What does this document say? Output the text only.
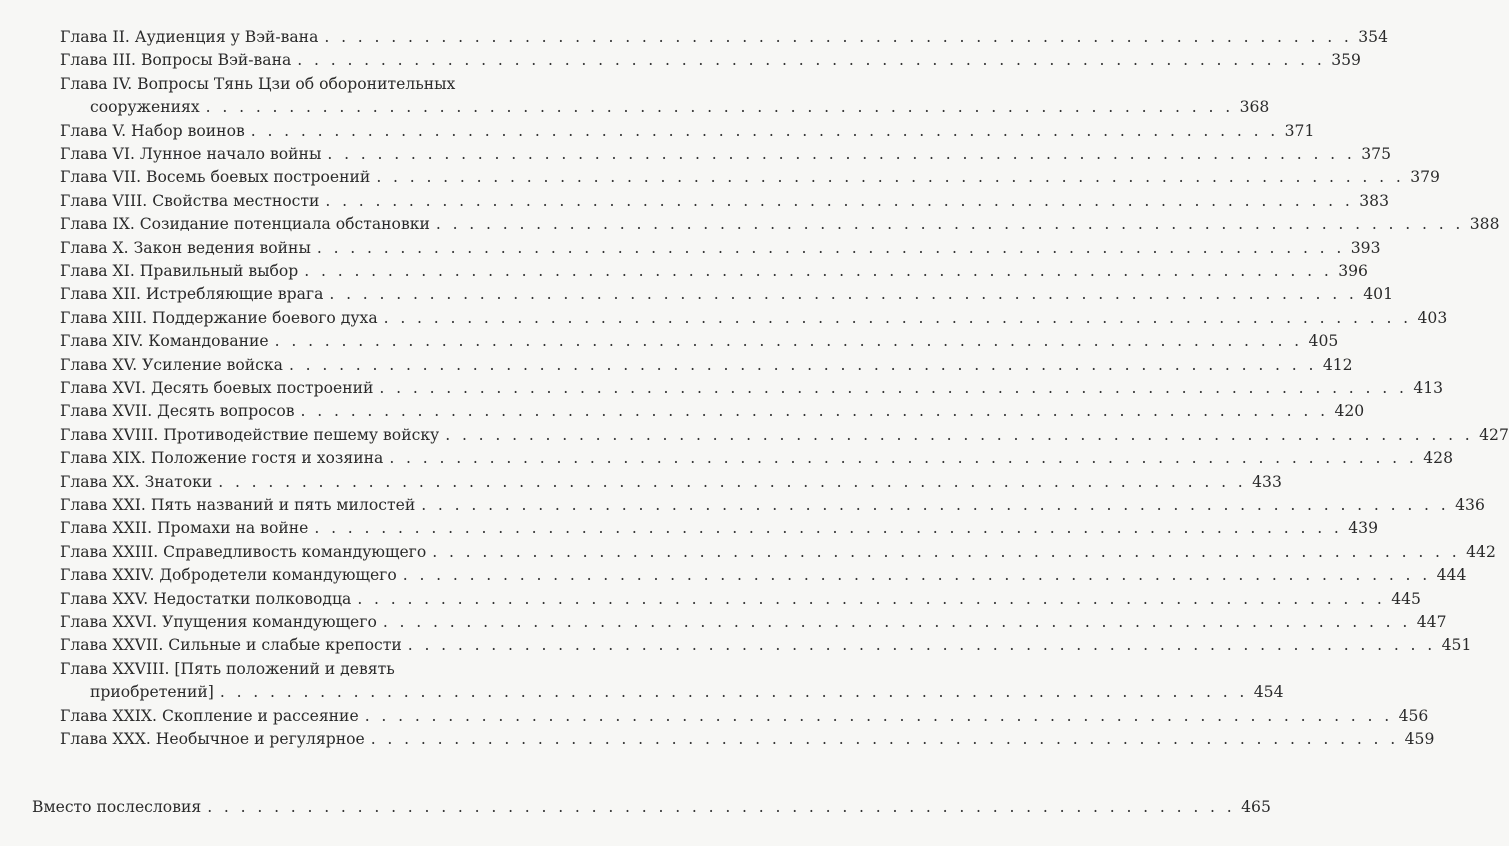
Глава II. Аудиенция у Вэй-вана . . . . . . . . . . . . . . . . . . . . . . . . . . . . . . . . . . . . . . . . . . . . . . . . . . . . . . . . . . . . . . 354
Глава III. Вопросы Вэй-вана . . . . . . . . . . . . . . . . . . . . . . . . . . . . . . . . . . . . . . . . . . . . . . . . . . . . . . . . . . . . . . 359
Глава IV. Вопросы Тянь Цзи об оборонительных
сооружениях . . . . . . . . . . . . . . . . . . . . . . . . . . . . . . . . . . . . . . . . . . . . . . . . . . . . . . . . . . . . . . 368
Глава V. Набор воинов . . . . . . . . . . . . . . . . . . . . . . . . . . . . . . . . . . . . . . . . . . . . . . . . . . . . . . . . . . . . . . 371
Глава VI. Лунное начало войны . . . . . . . . . . . . . . . . . . . . . . . . . . . . . . . . . . . . . . . . . . . . . . . . . . . . . . . . . . . . . . 375
Глава VII. Восемь боевых построений . . . . . . . . . . . . . . . . . . . . . . . . . . . . . . . . . . . . . . . . . . . . . . . . . . . . . . . . . . . . . . 379
Глава VIII. Свойства местности . . . . . . . . . . . . . . . . . . . . . . . . . . . . . . . . . . . . . . . . . . . . . . . . . . . . . . . . . . . . . . 383
Глава IX. Созидание потенциала обстановки . . . . . . . . . . . . . . . . . . . . . . . . . . . . . . . . . . . . . . . . . . . . . . . . . . . . . . . . . . . . . . 388
Глава X. Закон ведения войны . . . . . . . . . . . . . . . . . . . . . . . . . . . . . . . . . . . . . . . . . . . . . . . . . . . . . . . . . . . . . . 393
Глава XI. Правильный выбор . . . . . . . . . . . . . . . . . . . . . . . . . . . . . . . . . . . . . . . . . . . . . . . . . . . . . . . . . . . . . . 396
Глава XII. Истребляющие врага . . . . . . . . . . . . . . . . . . . . . . . . . . . . . . . . . . . . . . . . . . . . . . . . . . . . . . . . . . . . . . 401
Глава XIII. Поддержание боевого духа . . . . . . . . . . . . . . . . . . . . . . . . . . . . . . . . . . . . . . . . . . . . . . . . . . . . . . . . . . . . . . 403
Глава XIV. Командование . . . . . . . . . . . . . . . . . . . . . . . . . . . . . . . . . . . . . . . . . . . . . . . . . . . . . . . . . . . . . . 405
Глава XV. Усиление войска . . . . . . . . . . . . . . . . . . . . . . . . . . . . . . . . . . . . . . . . . . . . . . . . . . . . . . . . . . . . . . 412
Глава XVI. Десять боевых построений . . . . . . . . . . . . . . . . . . . . . . . . . . . . . . . . . . . . . . . . . . . . . . . . . . . . . . . . . . . . . . 413
Глава XVII. Десять вопросов . . . . . . . . . . . . . . . . . . . . . . . . . . . . . . . . . . . . . . . . . . . . . . . . . . . . . . . . . . . . . . 420
Глава XVIII. Противодействие пешему войску . . . . . . . . . . . . . . . . . . . . . . . . . . . . . . . . . . . . . . . . . . . . . . . . . . . . . . . . . . . . . . 427
Глава XIX. Положение гостя и хозяина . . . . . . . . . . . . . . . . . . . . . . . . . . . . . . . . . . . . . . . . . . . . . . . . . . . . . . . . . . . . . . 428
Глава XX. Знатоки . . . . . . . . . . . . . . . . . . . . . . . . . . . . . . . . . . . . . . . . . . . . . . . . . . . . . . . . . . . . . . 433
Глава XXI. Пять названий и пять милостей . . . . . . . . . . . . . . . . . . . . . . . . . . . . . . . . . . . . . . . . . . . . . . . . . . . . . . . . . . . . . . 436
Глава XXII. Промахи на войне . . . . . . . . . . . . . . . . . . . . . . . . . . . . . . . . . . . . . . . . . . . . . . . . . . . . . . . . . . . . . . 439
Глава XXIII. Справедливость командующего . . . . . . . . . . . . . . . . . . . . . . . . . . . . . . . . . . . . . . . . . . . . . . . . . . . . . . . . . . . . . . 442
Глава XXIV. Добродетели командующего . . . . . . . . . . . . . . . . . . . . . . . . . . . . . . . . . . . . . . . . . . . . . . . . . . . . . . . . . . . . . . 444
Глава XXV. Недостатки полководца . . . . . . . . . . . . . . . . . . . . . . . . . . . . . . . . . . . . . . . . . . . . . . . . . . . . . . . . . . . . . . 445
Глава XXVI. Упущения командующего . . . . . . . . . . . . . . . . . . . . . . . . . . . . . . . . . . . . . . . . . . . . . . . . . . . . . . . . . . . . . . 447
Глава XXVII. Сильные и слабые крепости . . . . . . . . . . . . . . . . . . . . . . . . . . . . . . . . . . . . . . . . . . . . . . . . . . . . . . . . . . . . . . 451
Глава XXVIII. [Пять положений и девять
приобретений] . . . . . . . . . . . . . . . . . . . . . . . . . . . . . . . . . . . . . . . . . . . . . . . . . . . . . . . . . . . . . . 454
Глава XXIX. Скопление и рассеяние . . . . . . . . . . . . . . . . . . . . . . . . . . . . . . . . . . . . . . . . . . . . . . . . . . . . . . . . . . . . . . 456
Глава XXX. Необычное и регулярное . . . . . . . . . . . . . . . . . . . . . . . . . . . . . . . . . . . . . . . . . . . . . . . . . . . . . . . . . . . . . . 459
Вместо послесловия . . . . . . . . . . . . . . . . . . . . . . . . . . . . . . . . . . . . . . . . . . . . . . . . . . . . . . . . . . . . . . 465
